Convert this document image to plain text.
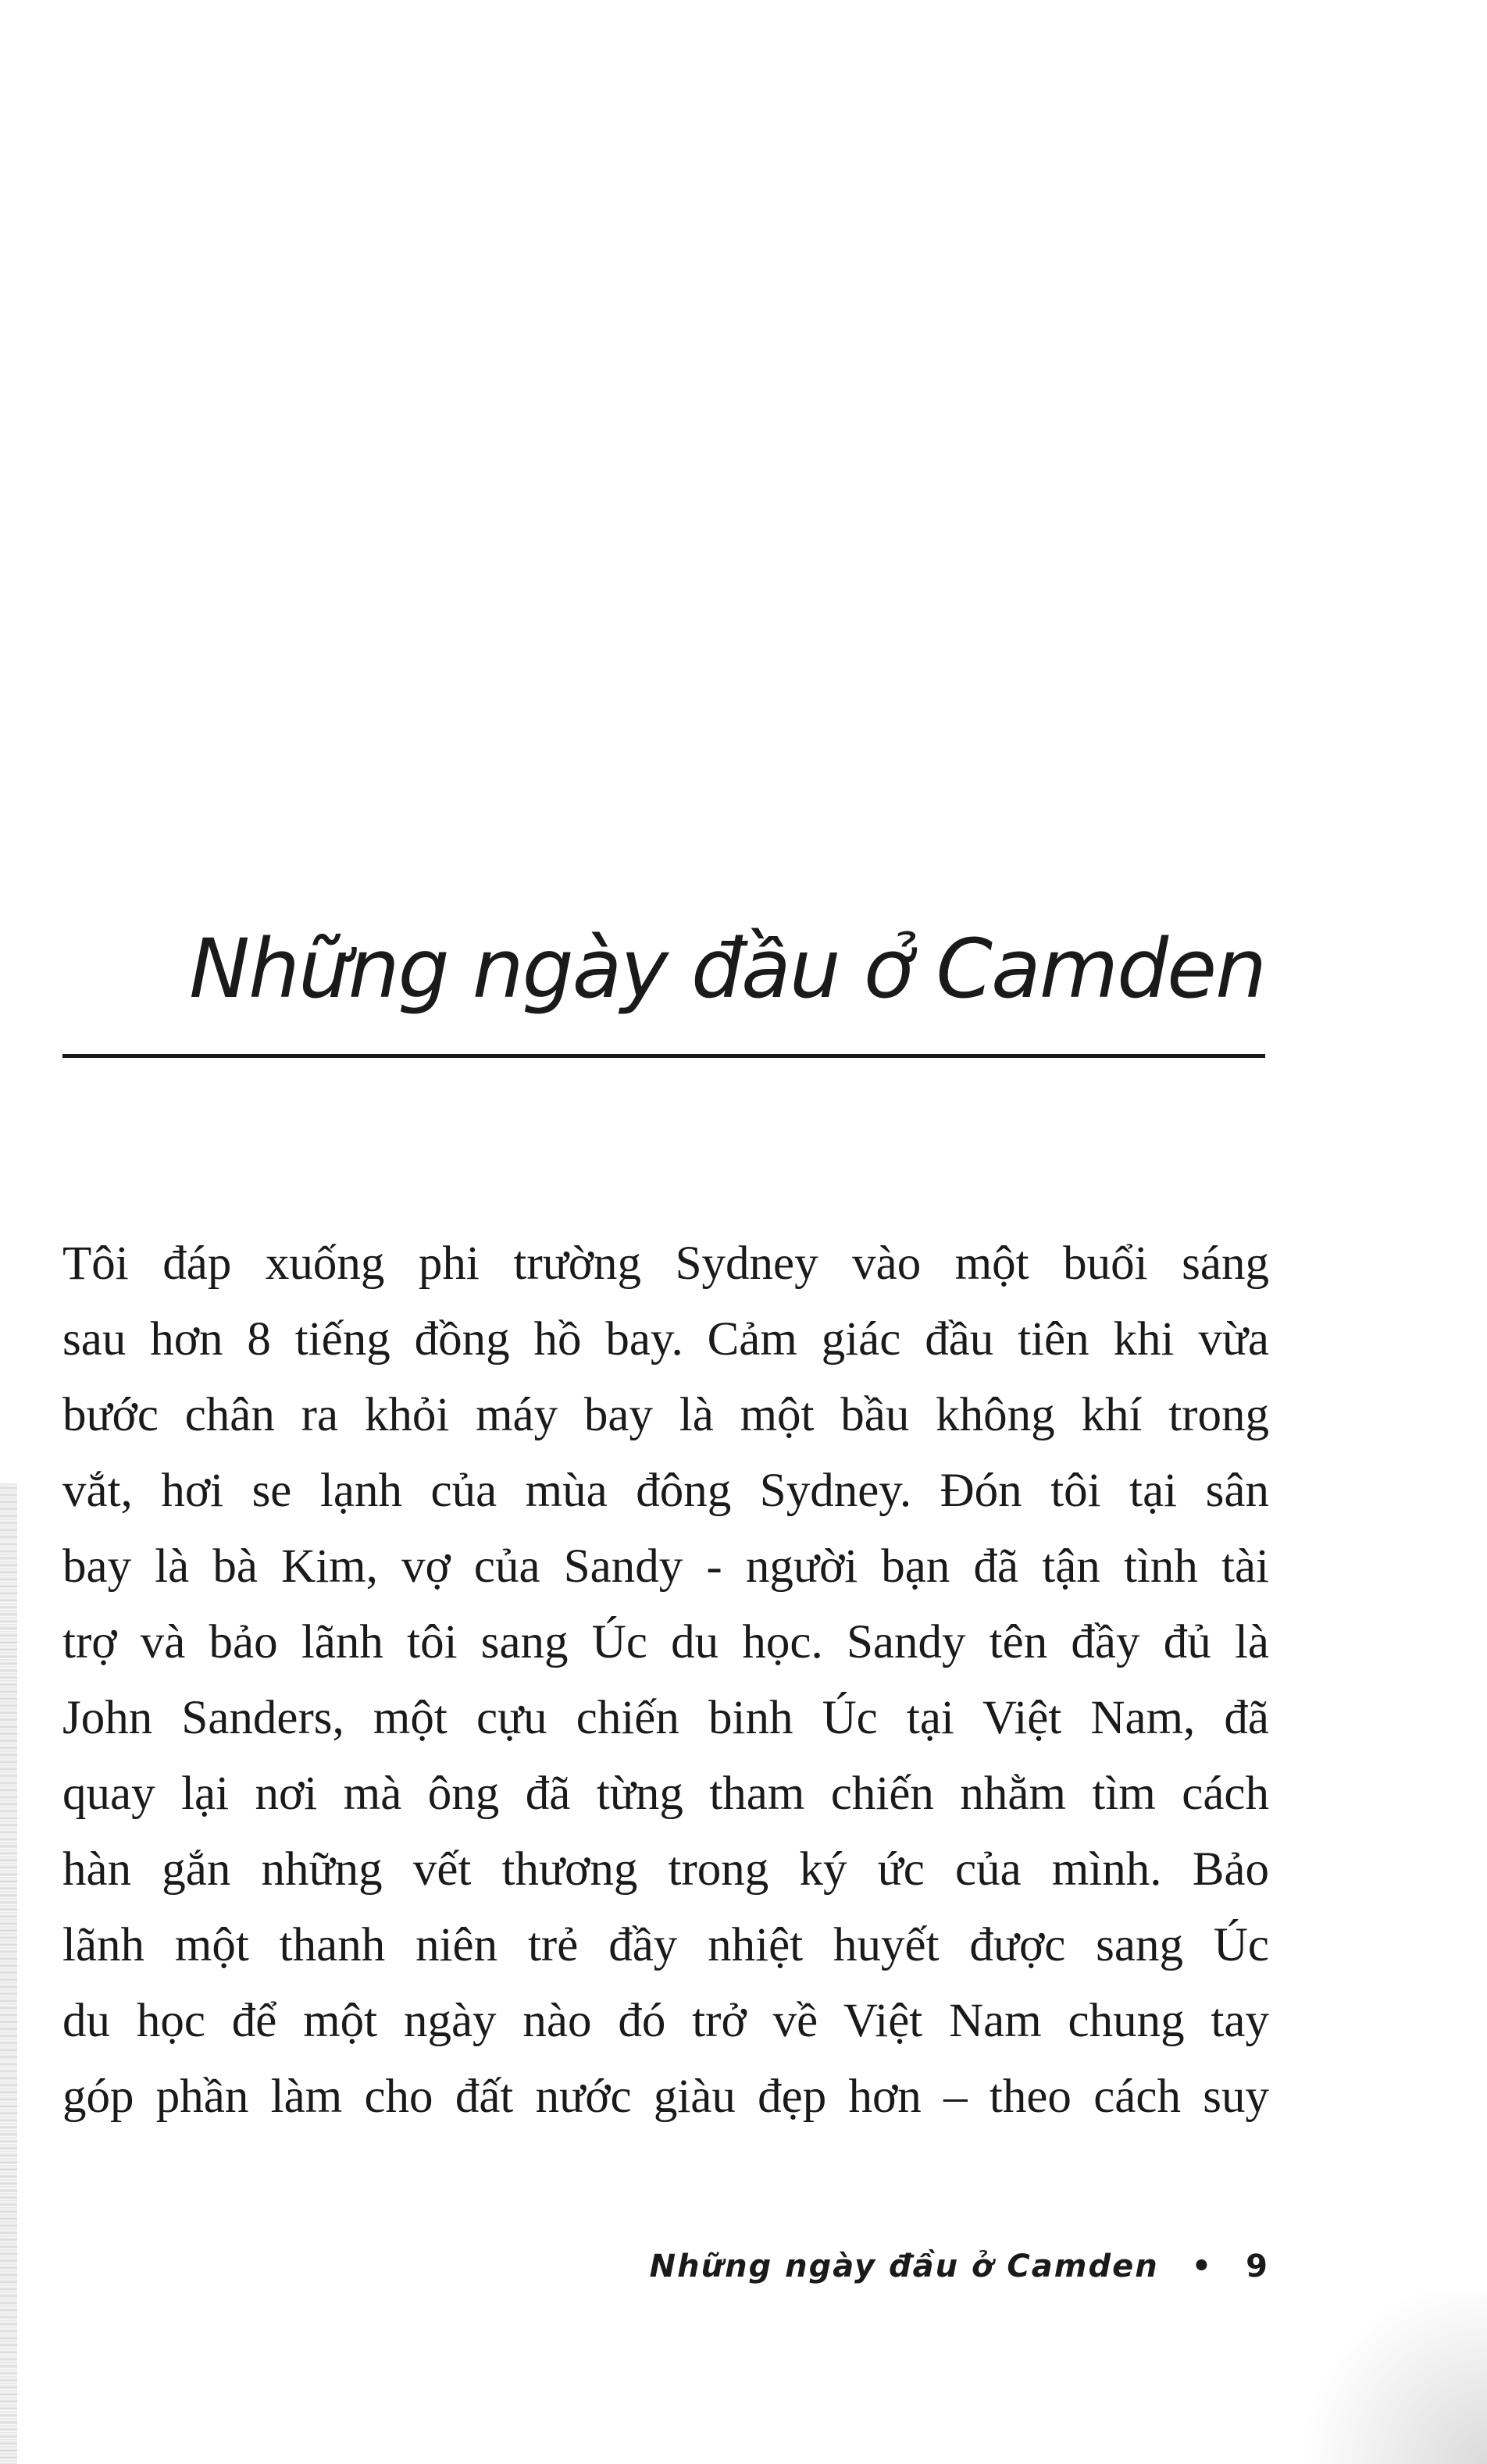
Những ngày đầu ở Camden
Tôi đáp xuống phi trường Sydney vào một buổi sáng
sau hơn 8 tiếng đồng hồ bay. Cảm giác đầu tiên khi vừa
bước chân ra khỏi máy bay là một bầu không khí trong
vắt, hơi se lạnh của mùa đông Sydney. Đón tôi tại sân
bay là bà Kim, vợ của Sandy - người bạn đã tận tình tài
trợ và bảo lãnh tôi sang Úc du học. Sandy tên đầy đủ là
John Sanders, một cựu chiến binh Úc tại Việt Nam, đã
quay lại nơi mà ông đã từng tham chiến nhằm tìm cách
hàn gắn những vết thương trong ký ức của mình. Bảo
lãnh một thanh niên trẻ đầy nhiệt huyết được sang Úc
du học để một ngày nào đó trở về Việt Nam chung tay
góp phần làm cho đất nước giàu đẹp hơn – theo cách suy
Những ngày đầu ở Camden • 9
